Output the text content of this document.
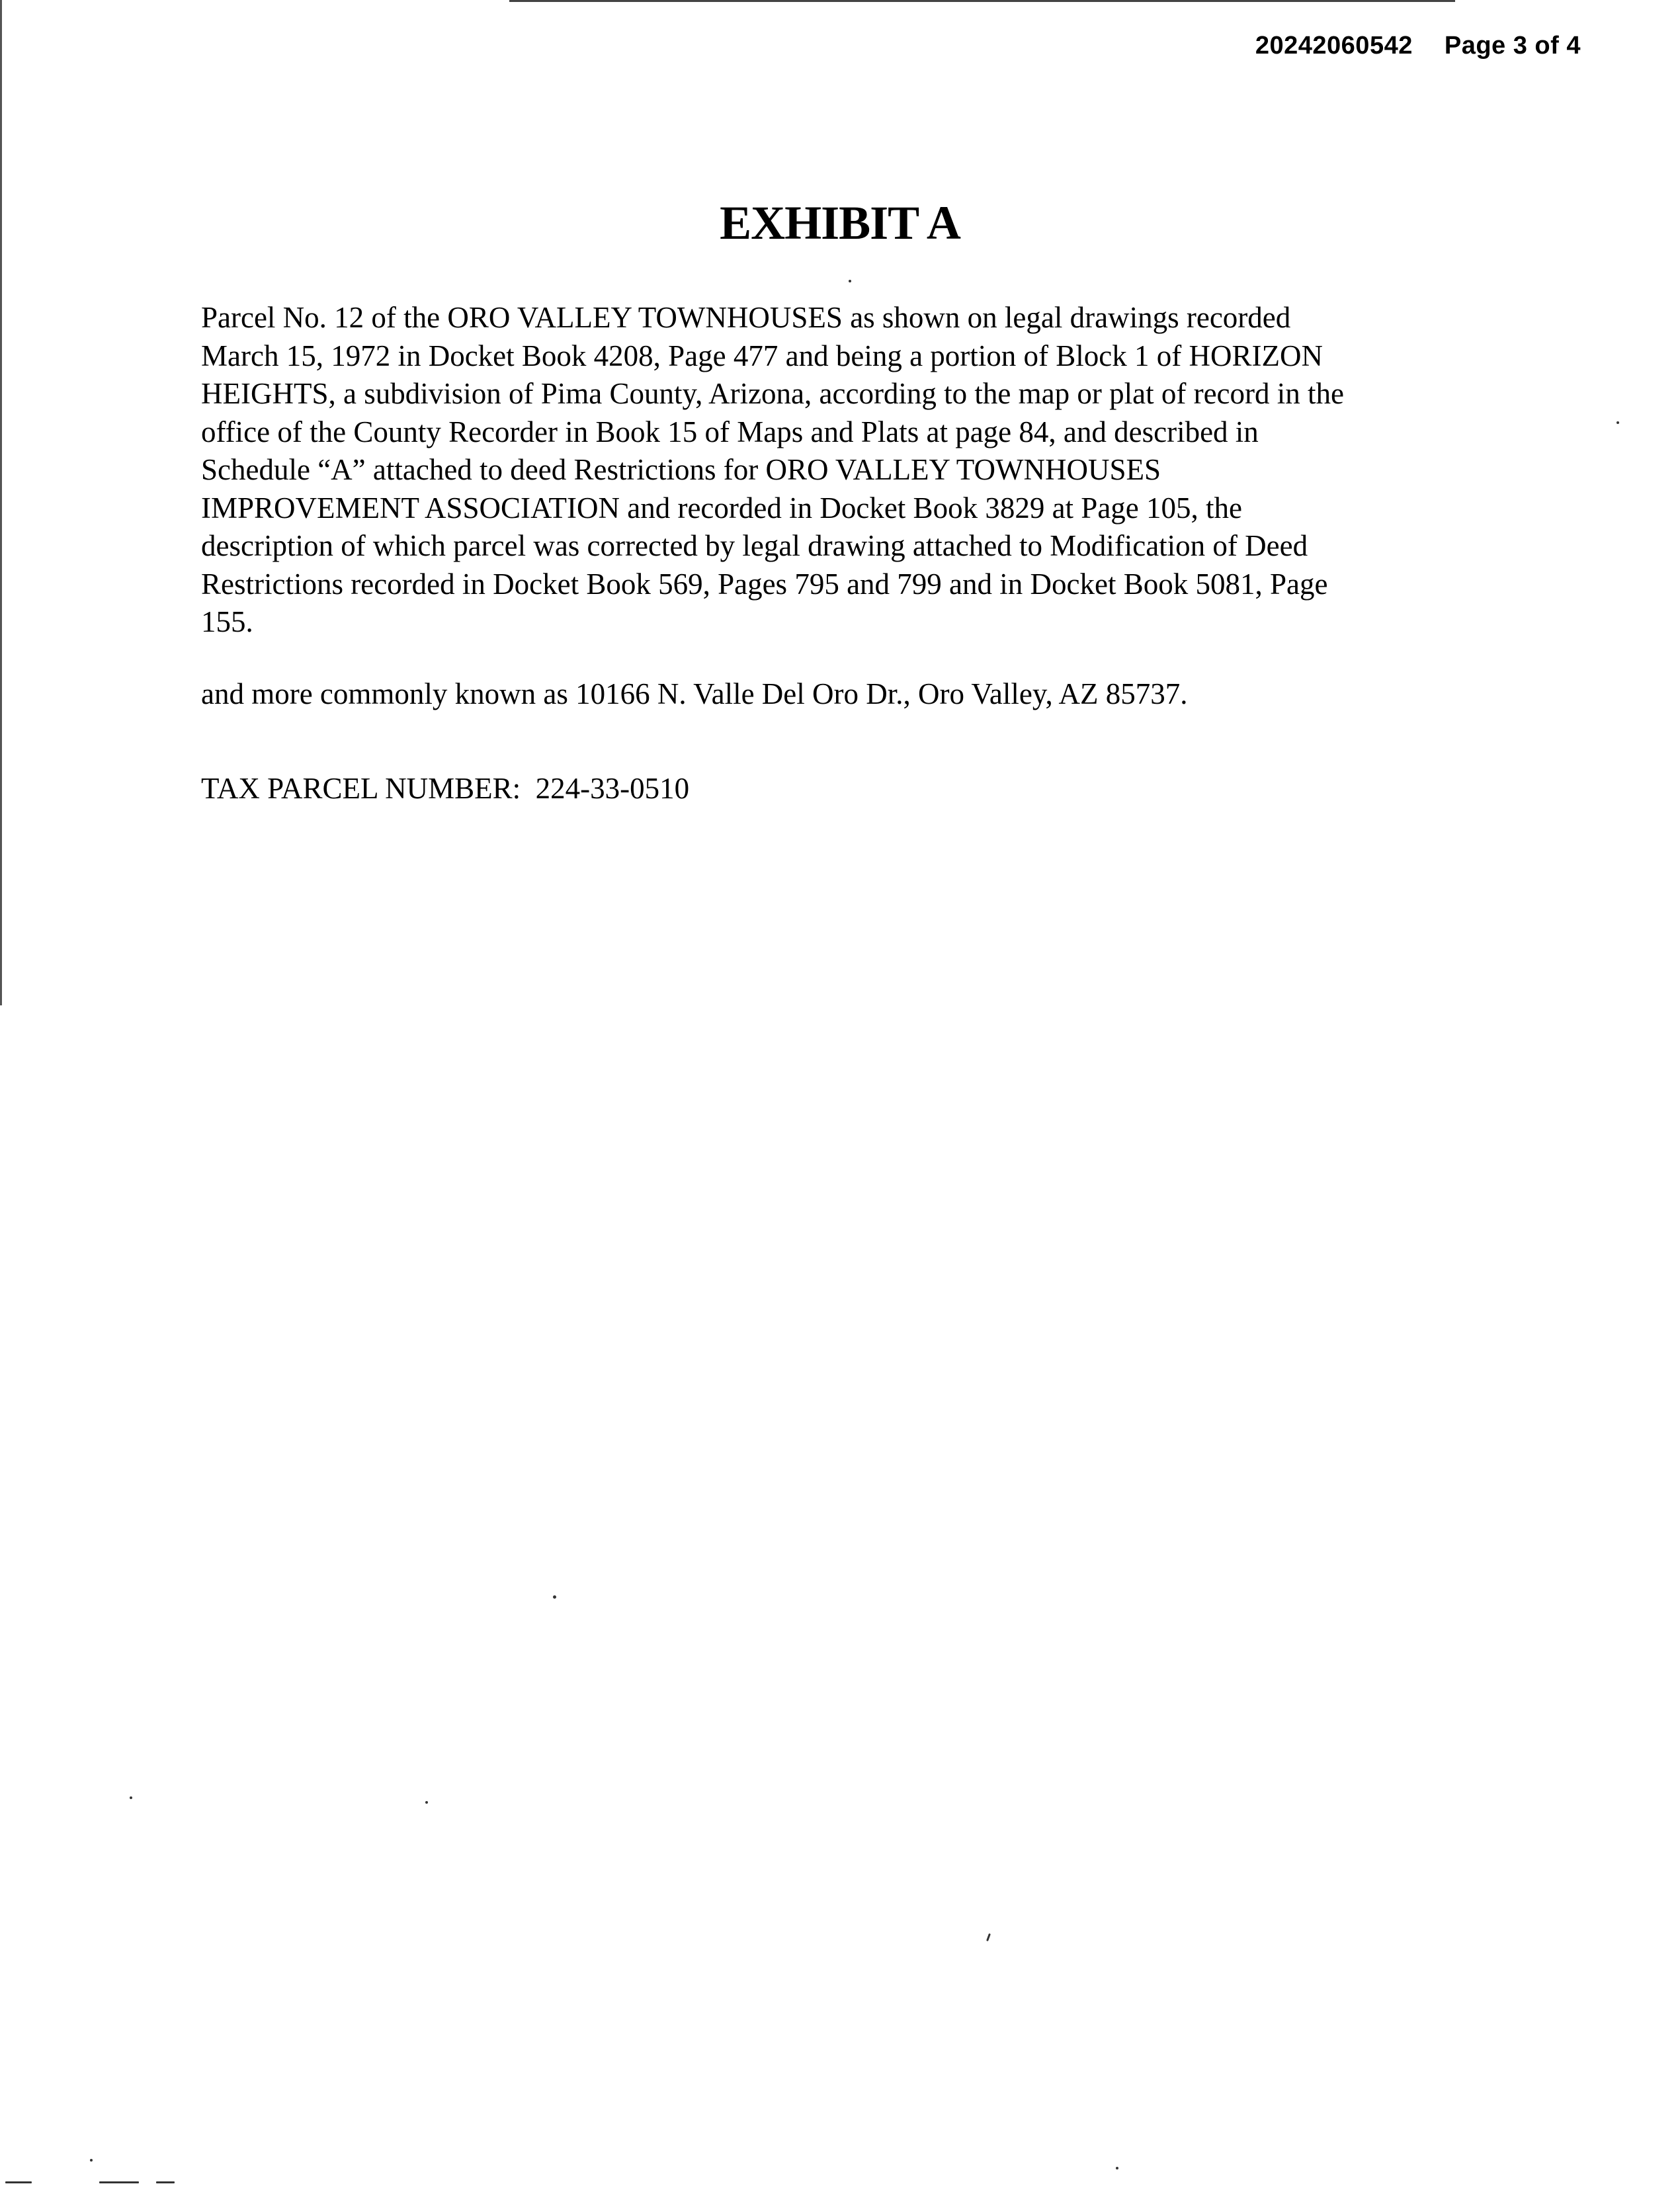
20242060542 Page 3 of 4
EXHIBIT A

Parcel No. 12 of the ORO VALLEY TOWNHOUSES as shown on legal drawings recorded
March 15, 1972 in Docket Book 4208, Page 477 and being a portion of Block 1 of HORIZON
HEIGHTS, a subdivision of Pima County, Arizona, according to the map or plat of record in the
office of the County Recorder in Book 15 of Maps and Plats at page 84, and described in
Schedule “A” attached to deed Restrictions for ORO VALLEY TOWNHOUSES
IMPROVEMENT ASSOCIATION and recorded in Docket Book 3829 at Page 105, the
description of which parcel was corrected by legal drawing attached to Modification of Deed
Restrictions recorded in Docket Book 569, Pages 795 and 799 and in Docket Book 5081, Page
155.

and more commonly known as 10166 N. Valle Del Oro Dr., Oro Valley, AZ 85737.

TAX PARCEL NUMBER: 224-33-0510
